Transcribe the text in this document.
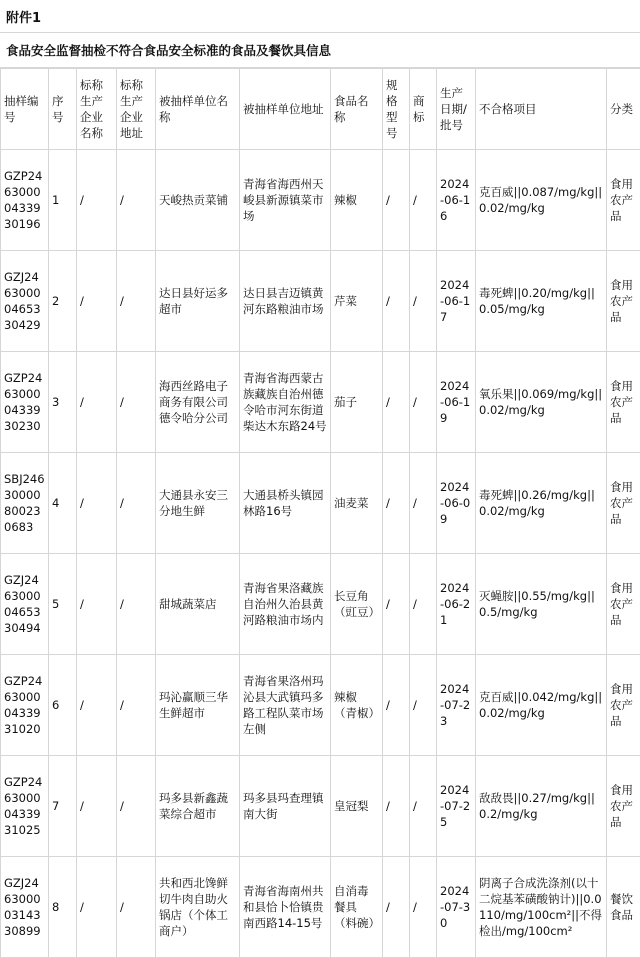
附件1
食品安全监督抽检不符合食品安全标准的食品及餐饮具信息
抽样编号	序号	标称生产企业名称	标称生产企业地址	被抽样单位名称	被抽样单位地址	食品名称	规格型号	商标	生产日期/批号	不合格项目	分类
GZP2463000043393019​6	1	/	/	天峻热贡菜铺	青海省海西州天峻县新源镇菜市场	辣椒	/	/	2024-06-16	克百威||0.087/mg/kg||0.02/mg/kg	食用农产品
GZJ2463000046533042​9	2	/	/	达日县好运多超市	达日县吉迈镇黄河东路粮油市场	芹菜	/	/	2024-06-17	毒死蜱||0.20/mg/kg||0.05/mg/kg	食用农产品
GZP2463000043393023​0	3	/	/	海西丝路电子商务有限公司德令哈分公司	青海省海西蒙古族藏族自治州德令哈市河东街道柴达木东路24号	茄子	/	/	2024-06-19	氧乐果||0.069/mg/kg||0.02/mg/kg	食用农产品
SBJ24630000800230683	4	/	/	大通县永安三分地生鲜	大通县桥头镇园林路16号	油麦菜	/	/	2024-06-09	毒死蜱||0.26/mg/kg||0.02/mg/kg	食用农产品
GZJ2463000046533049​4	5	/	/	甜城蔬菜店	青海省果洛藏族自治州久治县黄河路粮油市场内	长豆角（豇豆）	/	/	2024-06-21	灭蝇胺||0.55/mg/kg||0.5/mg/kg	食用农产品
GZP2463000043393102​0	6	/	/	玛沁赢顺三华生鲜超市	青海省果洛州玛沁县大武镇玛多路工程队菜市场左侧	辣椒（青椒）	/	/	2024-07-23	克百威||0.042/mg/kg||0.02/mg/kg	食用农产品
GZP2463000043393102​5	7	/	/	玛多县新鑫蔬菜综合超市	玛多县玛查理镇南大街	皇冠梨	/	/	2024-07-25	敌敌畏||0.27/mg/kg||0.2/mg/kg	食用农产品
GZJ2463000031433089​9	8	/	/	共和西北馋鲜切牛肉自助火锅店（个体工商户）	青海省海南州共和县恰卜恰镇贵南西路14-15号	自消毒餐具（料碗）	/	/	2024-07-30	阴离子合成洗涤剂(以十二烷基苯磺酸钠计)||0.0110/mg/100cm²||不得检出/mg/100cm²	餐饮食品
